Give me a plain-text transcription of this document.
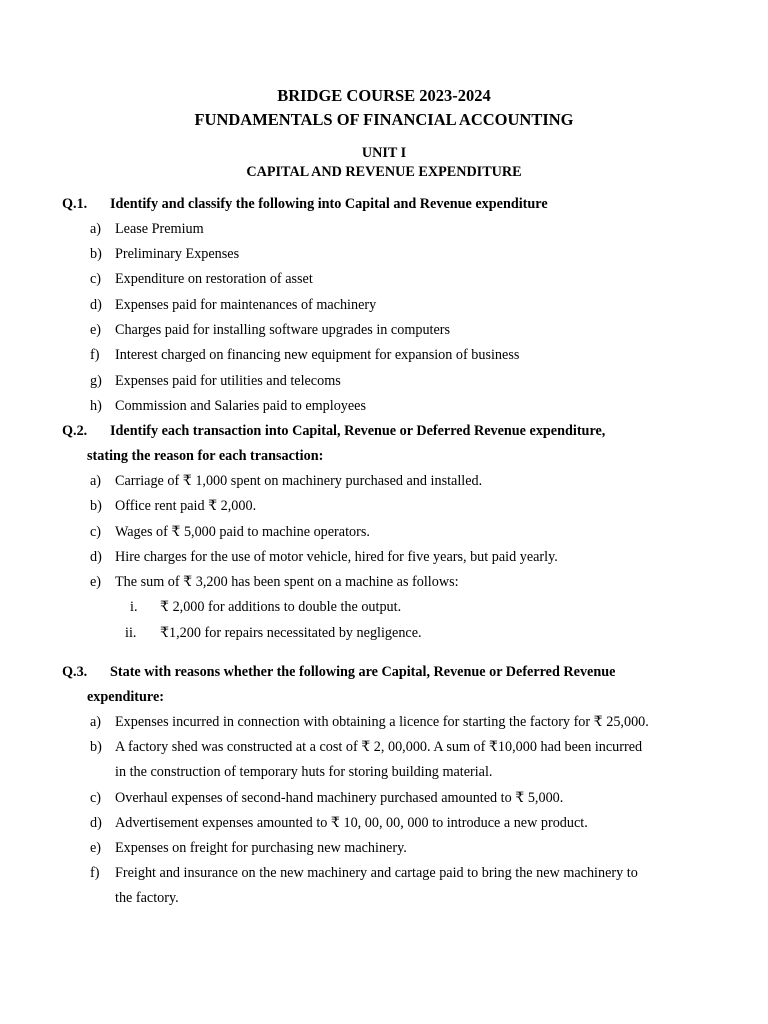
BRIDGE COURSE 2023-2024
FUNDAMENTALS OF FINANCIAL ACCOUNTING
UNIT I
CAPITAL AND REVENUE EXPENDITURE
Q.1. Identify and classify the following into Capital and Revenue expenditure
a) Lease Premium
b) Preliminary Expenses
c) Expenditure on restoration of asset
d) Expenses paid for maintenances of machinery
e) Charges paid for installing software upgrades in computers
f) Interest charged on financing new equipment for expansion of business
g) Expenses paid for utilities and telecoms
h) Commission and Salaries paid to employees
Q.2. Identify each transaction into Capital, Revenue or Deferred Revenue expenditure,
stating the reason for each transaction:
a) Carriage of ₹ 1,000 spent on machinery purchased and installed.
b) Office rent paid ₹ 2,000.
c) Wages of ₹ 5,000 paid to machine operators.
d) Hire charges for the use of motor vehicle, hired for five years, but paid yearly.
e) The sum of ₹ 3,200 has been spent on a machine as follows:
i. ₹ 2,000 for additions to double the output.
ii. ₹1,200 for repairs necessitated by negligence.
Q.3. State with reasons whether the following are Capital, Revenue or Deferred Revenue
expenditure:
a) Expenses incurred in connection with obtaining a licence for starting the factory for ₹ 25,000.
b) A factory shed was constructed at a cost of ₹ 2, 00,000. A sum of ₹10,000 had been incurred
in the construction of temporary huts for storing building material.
c) Overhaul expenses of second-hand machinery purchased amounted to ₹ 5,000.
d) Advertisement expenses amounted to ₹ 10, 00, 00, 000 to introduce a new product.
e) Expenses on freight for purchasing new machinery.
f) Freight and insurance on the new machinery and cartage paid to bring the new machinery to
the factory.
